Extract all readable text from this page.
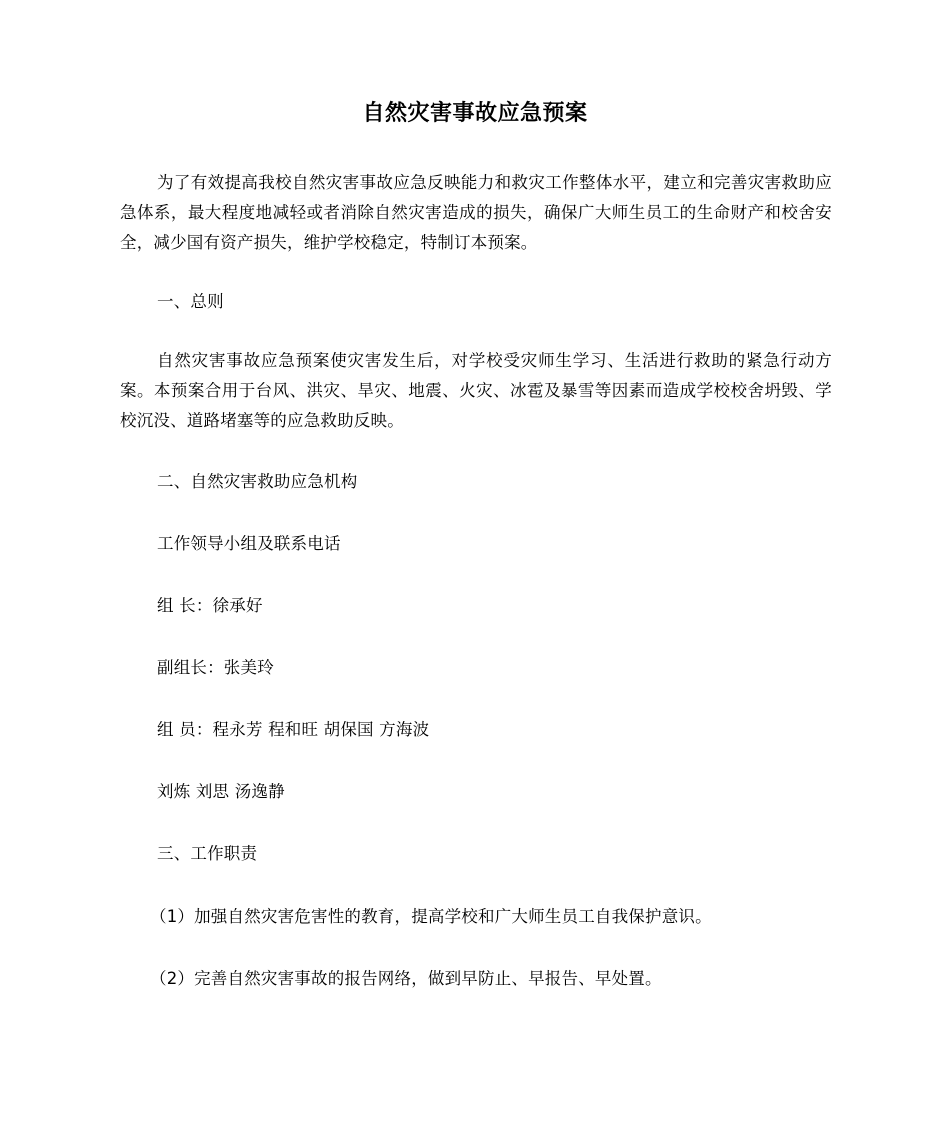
自然灾害事故应急预案
为了有效提高我校自然灾害事故应急反映能力和救灾工作整体水平，建立和完善灾害救助应急体系，最大程度地减轻或者消除自然灾害造成的损失，确保广大师生员工的生命财产和校舍安全，减少国有资产损失，维护学校稳定，特制订本预案。
一、总则
自然灾害事故应急预案使灾害发生后，对学校受灾师生学习、生活进行救助的紧急行动方案。本预案合用于台风、洪灾、旱灾、地震、火灾、冰雹及暴雪等因素而造成学校校舍坍毁、学校沉没、道路堵塞等的应急救助反映。
二、自然灾害救助应急机构
工作领导小组及联系电话
组 长：徐承好
副组长：张美玲
组 员：程永芳 程和旺 胡保国 方海波
刘炼 刘思 汤逸静
三、工作职责
（1）加强自然灾害危害性的教育，提高学校和广大师生员工自我保护意识。
（2）完善自然灾害事故的报告网络，做到早防止、早报告、早处置。
